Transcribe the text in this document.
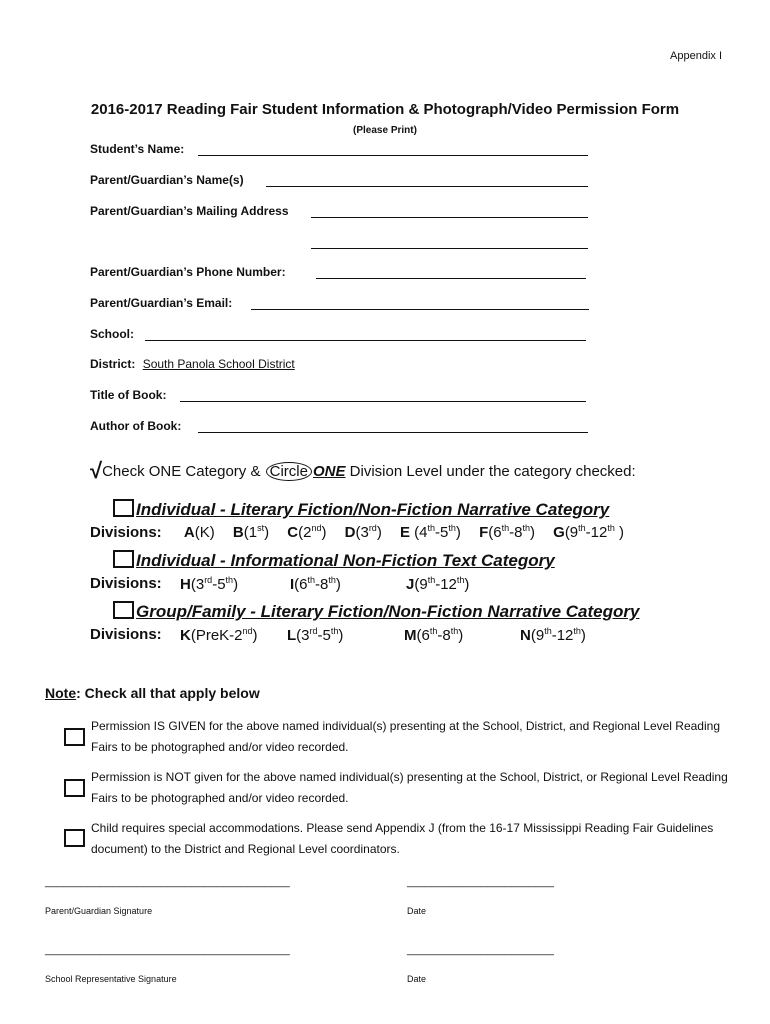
Appendix I
2016-2017 Reading Fair Student Information & Photograph/Video Permission Form
(Please Print)
Student’s Name:
Parent/Guardian’s Name(s)
Parent/Guardian’s Mailing Address
Parent/Guardian’s Phone Number:
Parent/Guardian’s Email:
School:
District: South Panola School District
Title of Book:
Author of Book:
√Check ONE Category & Circle ONE Division Level under the category checked:
Individual - Literary Fiction/Non-Fiction Narrative Category
Divisions: A(K) B(1st) C(2nd) D(3rd) E (4th-5th) F(6th-8th) G(9th-12th )
Individual - Informational Non-Fiction Text Category
Divisions: H(3rd-5th)	I(6th-8th)	J(9th-12th)
Group/Family - Literary Fiction/Non-Fiction Narrative Category
Divisions: K(PreK-2nd) L(3rd-5th)	M(6th-8th)	N(9th-12th)
Note: Check all that apply below
Permission IS GIVEN for the above named individual(s) presenting at the School, District, and Regional Level Reading Fairs to be photographed and/or video recorded.
Permission is NOT given for the above named individual(s) presenting at the School, District, or Regional Level Reading Fairs to be photographed and/or video recorded.
Child requires special accommodations. Please send Appendix J (from the 16-17 Mississippi Reading Fair Guidelines document) to the District and Regional Level coordinators.
________________________________________	________________________
Parent/Guardian Signature	Date
________________________________________	________________________
School Representative Signature	Date
